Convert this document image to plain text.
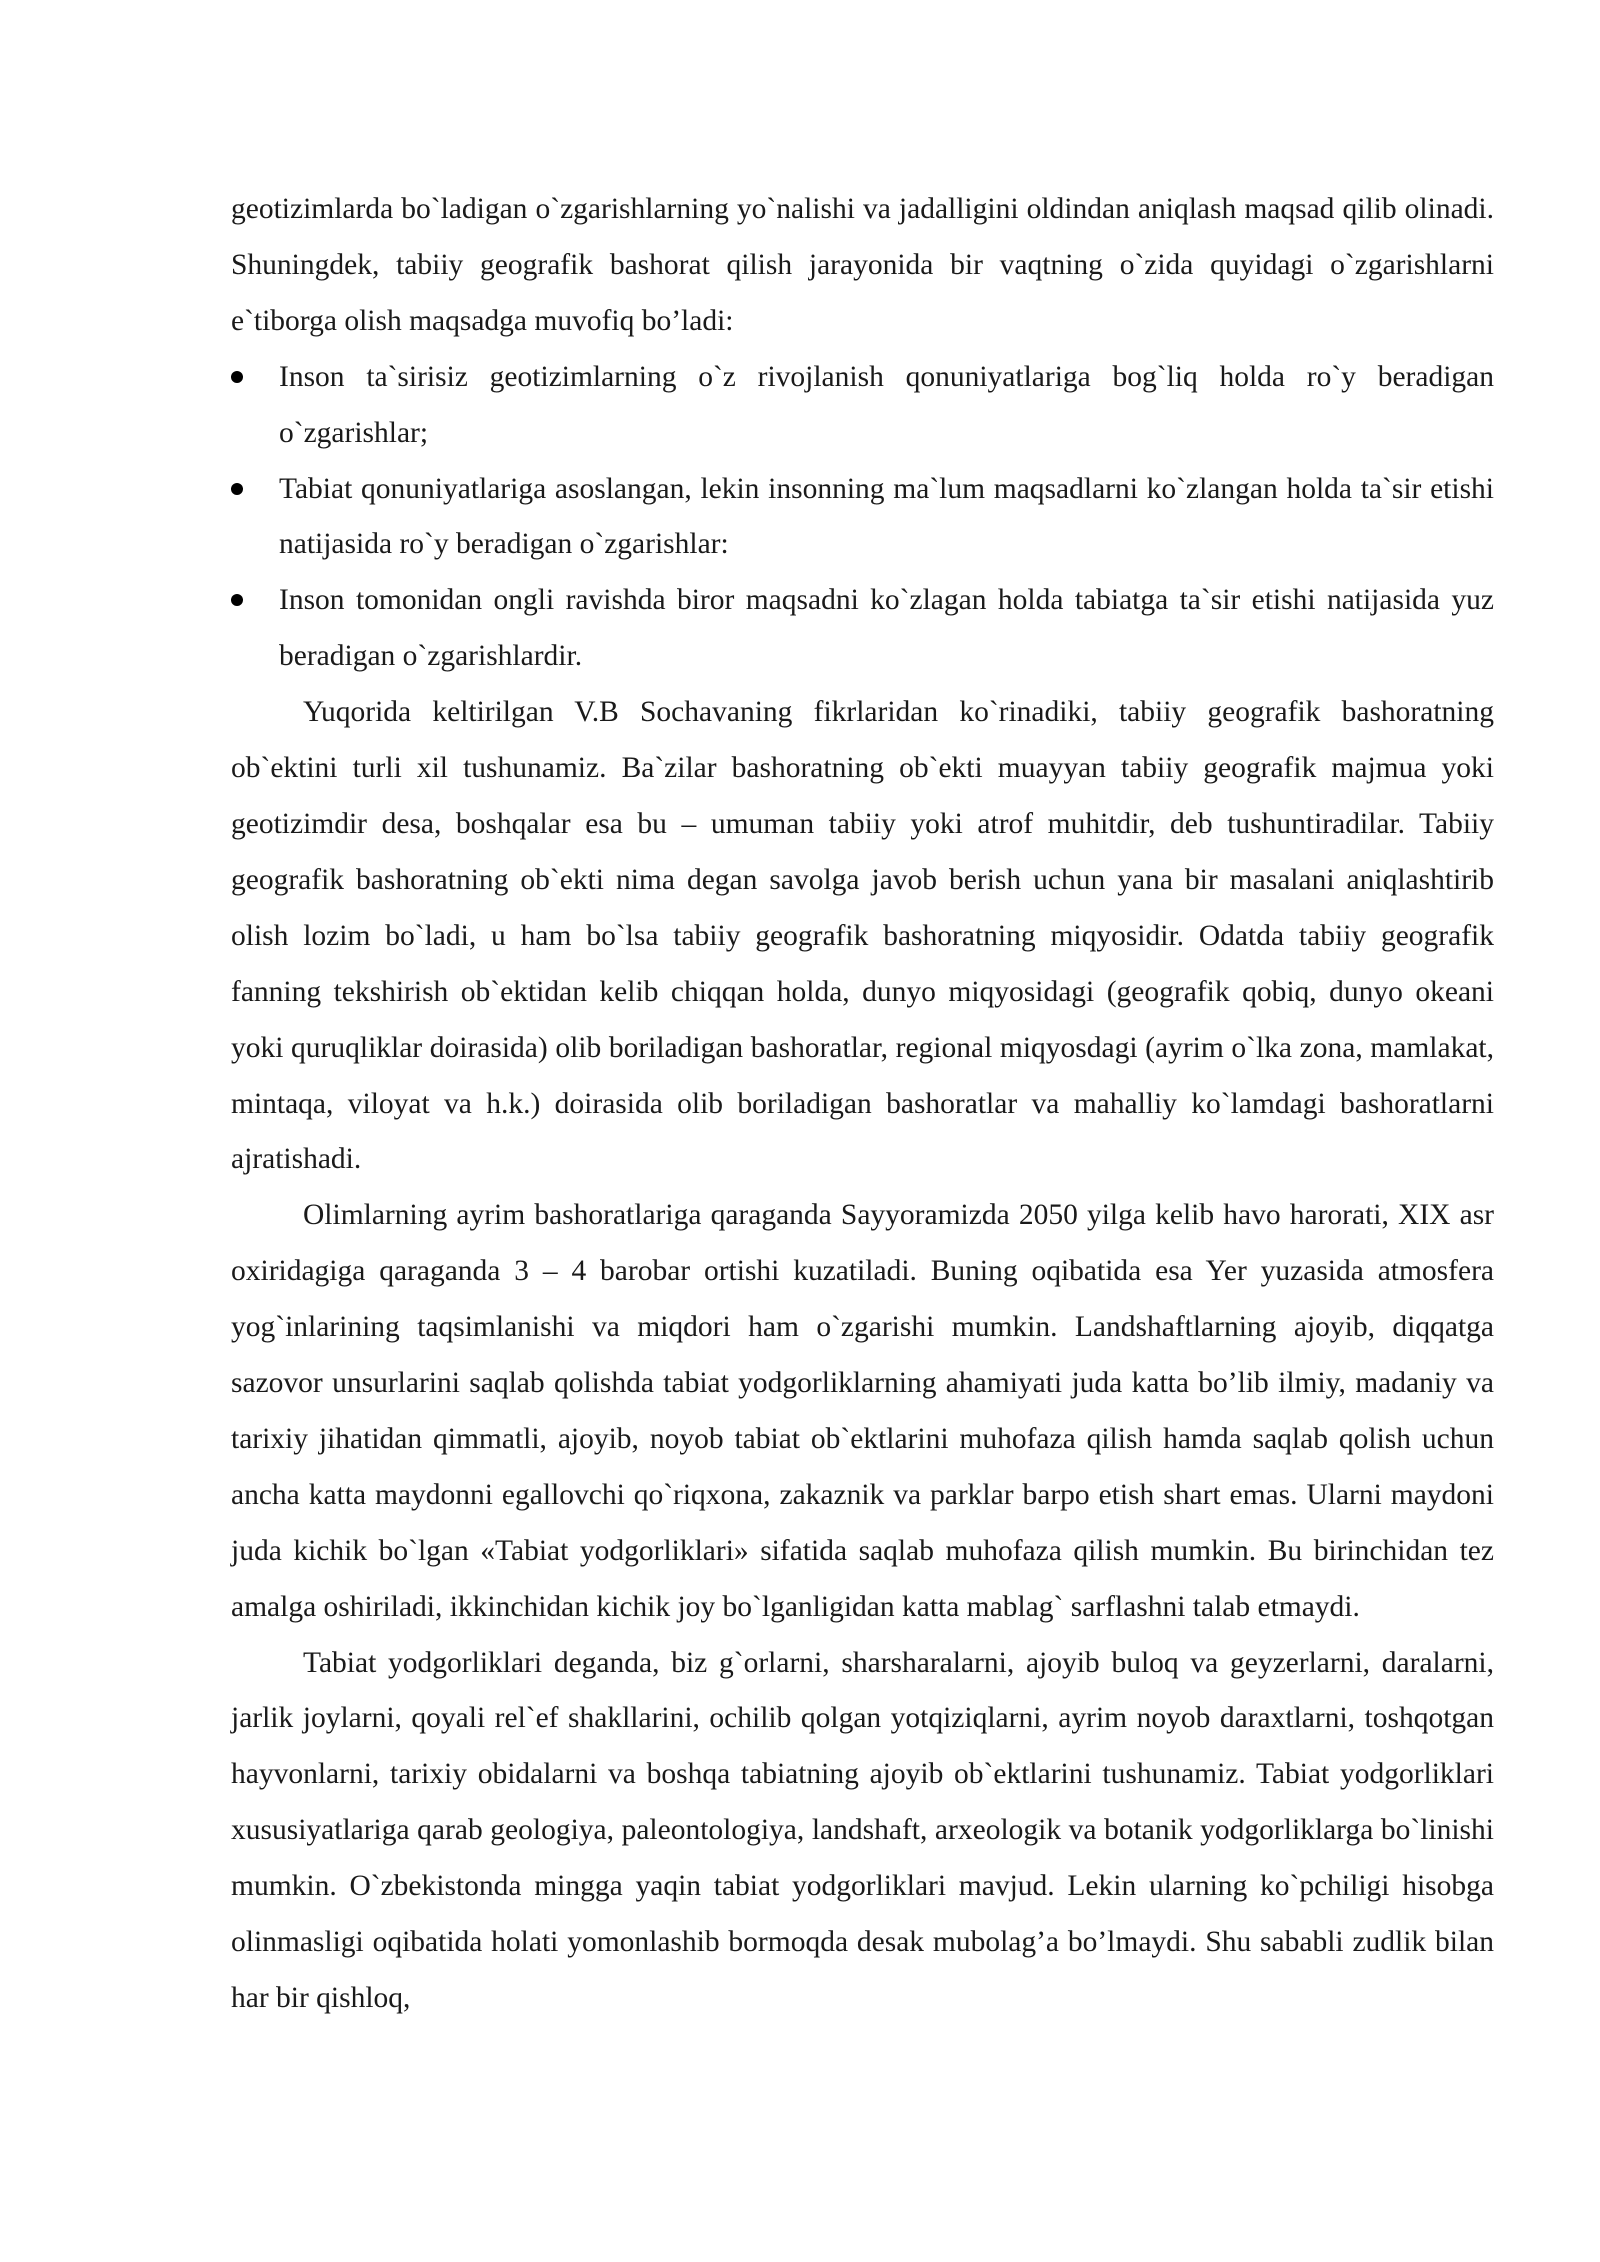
geotizimlarda bo`ladigan o`zgarishlarning yo`nalishi va jadalligini oldindan aniqlash maqsad qilib olinadi. Shuningdek, tabiiy geografik bashorat qilish jarayonida bir vaqtning o`zida quyidagi o`zgarishlarni e`tiborga olish maqsadga muvofiq bo’ladi:

Inson ta`sirisiz geotizimlarning o`z rivojlanish qonuniyatlariga bog`liq holda ro`y beradigan o`zgarishlar;
Tabiat qonuniyatlariga asoslangan, lekin insonning ma`lum maqsadlarni ko`zlangan holda ta`sir etishi natijasida ro`y beradigan o`zgarishlar:
Inson tomonidan ongli ravishda biror maqsadni ko`zlagan holda tabiatga ta`sir etishi natijasida yuz beradigan o`zgarishlardir.

Yuqorida keltirilgan V.B Sochavaning fikrlaridan ko`rinadiki, tabiiy geografik bashoratning ob`ektini turli xil tushunamiz. Ba`zilar bashoratning ob`ekti muayyan tabiiy geografik majmua yoki geotizimdir desa, boshqalar esa bu – umuman tabiiy yoki atrof muhitdir, deb tushuntiradilar. Tabiiy geografik bashoratning ob`ekti nima degan savolga javob berish uchun yana bir masalani aniqlashtirib olish lozim bo`ladi, u ham bo`lsa tabiiy geografik bashoratning miqyosidir. Odatda tabiiy geografik fanning tekshirish ob`ektidan kelib chiqqan holda, dunyo miqyosidagi (geografik qobiq, dunyo okeani yoki quruqliklar doirasida) olib boriladigan bashoratlar, regional miqyosdagi (ayrim o`lka zona, mamlakat, mintaqa, viloyat va h.k.) doirasida olib boriladigan bashoratlar va mahalliy ko`lamdagi bashoratlarni ajratishadi.

Olimlarning ayrim bashoratlariga qaraganda Sayyoramizda 2050 yilga kelib havo harorati, XIX asr oxiridagiga qaraganda 3 – 4 barobar ortishi kuzatiladi. Buning oqibatida esa Yer yuzasida atmosfera yog`inlarining taqsimlanishi va miqdori ham o`zgarishi mumkin. Landshaftlarning ajoyib, diqqatga sazovor unsurlarini saqlab qolishda tabiat yodgorliklarning ahamiyati juda katta bo’lib ilmiy, madaniy va tarixiy jihatidan qimmatli, ajoyib, noyob tabiat ob`ektlarini muhofaza qilish hamda saqlab qolish uchun ancha katta maydonni egallovchi qo`riqxona, zakaznik va parklar barpo etish shart emas. Ularni maydoni juda kichik bo`lgan «Tabiat yodgorliklari» sifatida saqlab muhofaza qilish mumkin. Bu birinchidan tez amalga oshiriladi, ikkinchidan kichik joy bo`lganligidan katta mablag` sarflashni talab etmaydi.

Tabiat yodgorliklari deganda, biz g`orlarni, sharsharalarni, ajoyib buloq va geyzerlarni, daralarni, jarlik joylarni, qoyali rel`ef shakllarini, ochilib qolgan yotqiziqlarni, ayrim noyob daraxtlarni, toshqotgan hayvonlarni, tarixiy obidalarni va boshqa tabiatning ajoyib ob`ektlarini tushunamiz. Tabiat yodgorliklari xususiyatlariga qarab geologiya, paleontologiya, landshaft, arxeologik va botanik yodgorliklarga bo`linishi mumkin. O`zbekistonda mingga yaqin tabiat yodgorliklari mavjud. Lekin ularning ko`pchiligi hisobga olinmasligi oqibatida holati yomonlashib bormoqda desak mubolag’a bo’lmaydi. Shu sababli zudlik bilan har bir qishloq,
